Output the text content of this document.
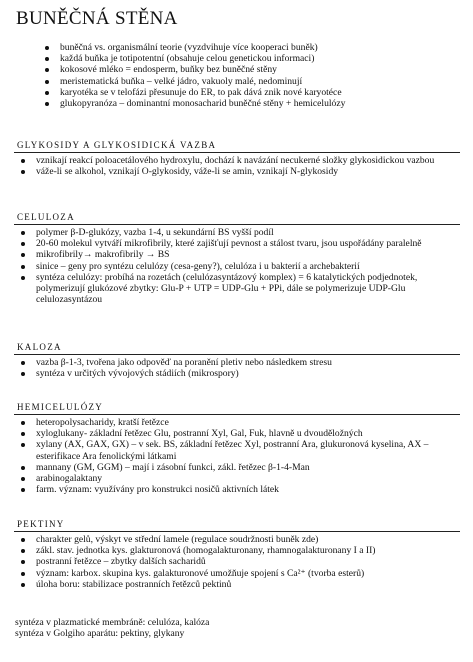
BUNĚČNÁ STĚNA
buněčná vs. organismální teorie (vyzdvihuje více kooperaci buněk)
každá buňka je totipotentní (obsahuje celou genetickou informaci)
kokosové mléko = endosperm, buňky bez buněčné stěny
meristematická buňka – velké jádro, vakuoly malé, nedominují
karyotéka se v telofázi přesunuje do ER, to pak dává znik nové karyotéce
glukopyranóza – dominantní monosacharid buněčné stěny + hemicelulózy
GLYKOSIDY A GLYKOSIDICKÁ VAZBA
vznikají reakcí poloacetálového hydroxylu, dochází k navázání necukerné složky glykosidickou vazbou
váže-li se alkohol, vznikají O-glykosidy, váže-li se amin, vznikají N-glykosidy
CELULOZA
polymer β-D-glukózy, vazba 1-4, u sekundární BS vyšší podíl
20-60 molekul vytváří mikrofibrily, které zajišťují pevnost a stálost tvaru, jsou uspořádány paralelně
mikrofibrily→ makrofibrily → BS
sinice – geny pro syntézu celulózy (cesa-geny?), celulóza i u bakterií a archebakterií
syntéza celulózy: probíhá na rozetách (celulózasyntázový komplex) = 6 katalytických podjednotek, polymerizují glukózové zbytky: Glu-P + UTP = UDP-Glu + PPi, dále se polymerizuje UDP-Glu celulozasyntázou
KALOZA
vazba β-1-3, tvořena jako odpověď na poranění pletiv nebo následkem stresu
syntéza v určitých vývojových stádiích (mikrospory)
HEMICELULÓZY
heteropolysacharidy, kratší řetězce
xyloglukany- základní řetězec Glu, postranní Xyl, Gal, Fuk, hlavně u dvouděložných
xylany (AX, GAX, GX) – v sek. BS, základní řetězec Xyl, postranní Ara, glukuronová kyselina, AX – esterifikace Ara fenolickými látkami
mannany (GM, GGM) – mají i zásobní funkci, zákl. řetězec β-1-4-Man
arabinogalaktany
farm. význam: využívány pro konstrukci nosičů aktivních látek
PEKTINY
charakter gelů, výskyt ve střední lamele (regulace soudržnosti buněk zde)
zákl. stav. jednotka kys. glakturonová (homogalakturonany, rhamnogalakturonany I a II)
postranní řetězce – zbytky dalších sacharidů
význam: karbox. skupina kys. galakturonové umožňuje spojení s Ca²⁺ (tvorba esterů)
úloha boru: stabilizace postranních řetězců pektinů
syntéza v plazmatické membráně: celulóza, kalóza
syntéza v Golgiho aparátu: pektiny, glykany
